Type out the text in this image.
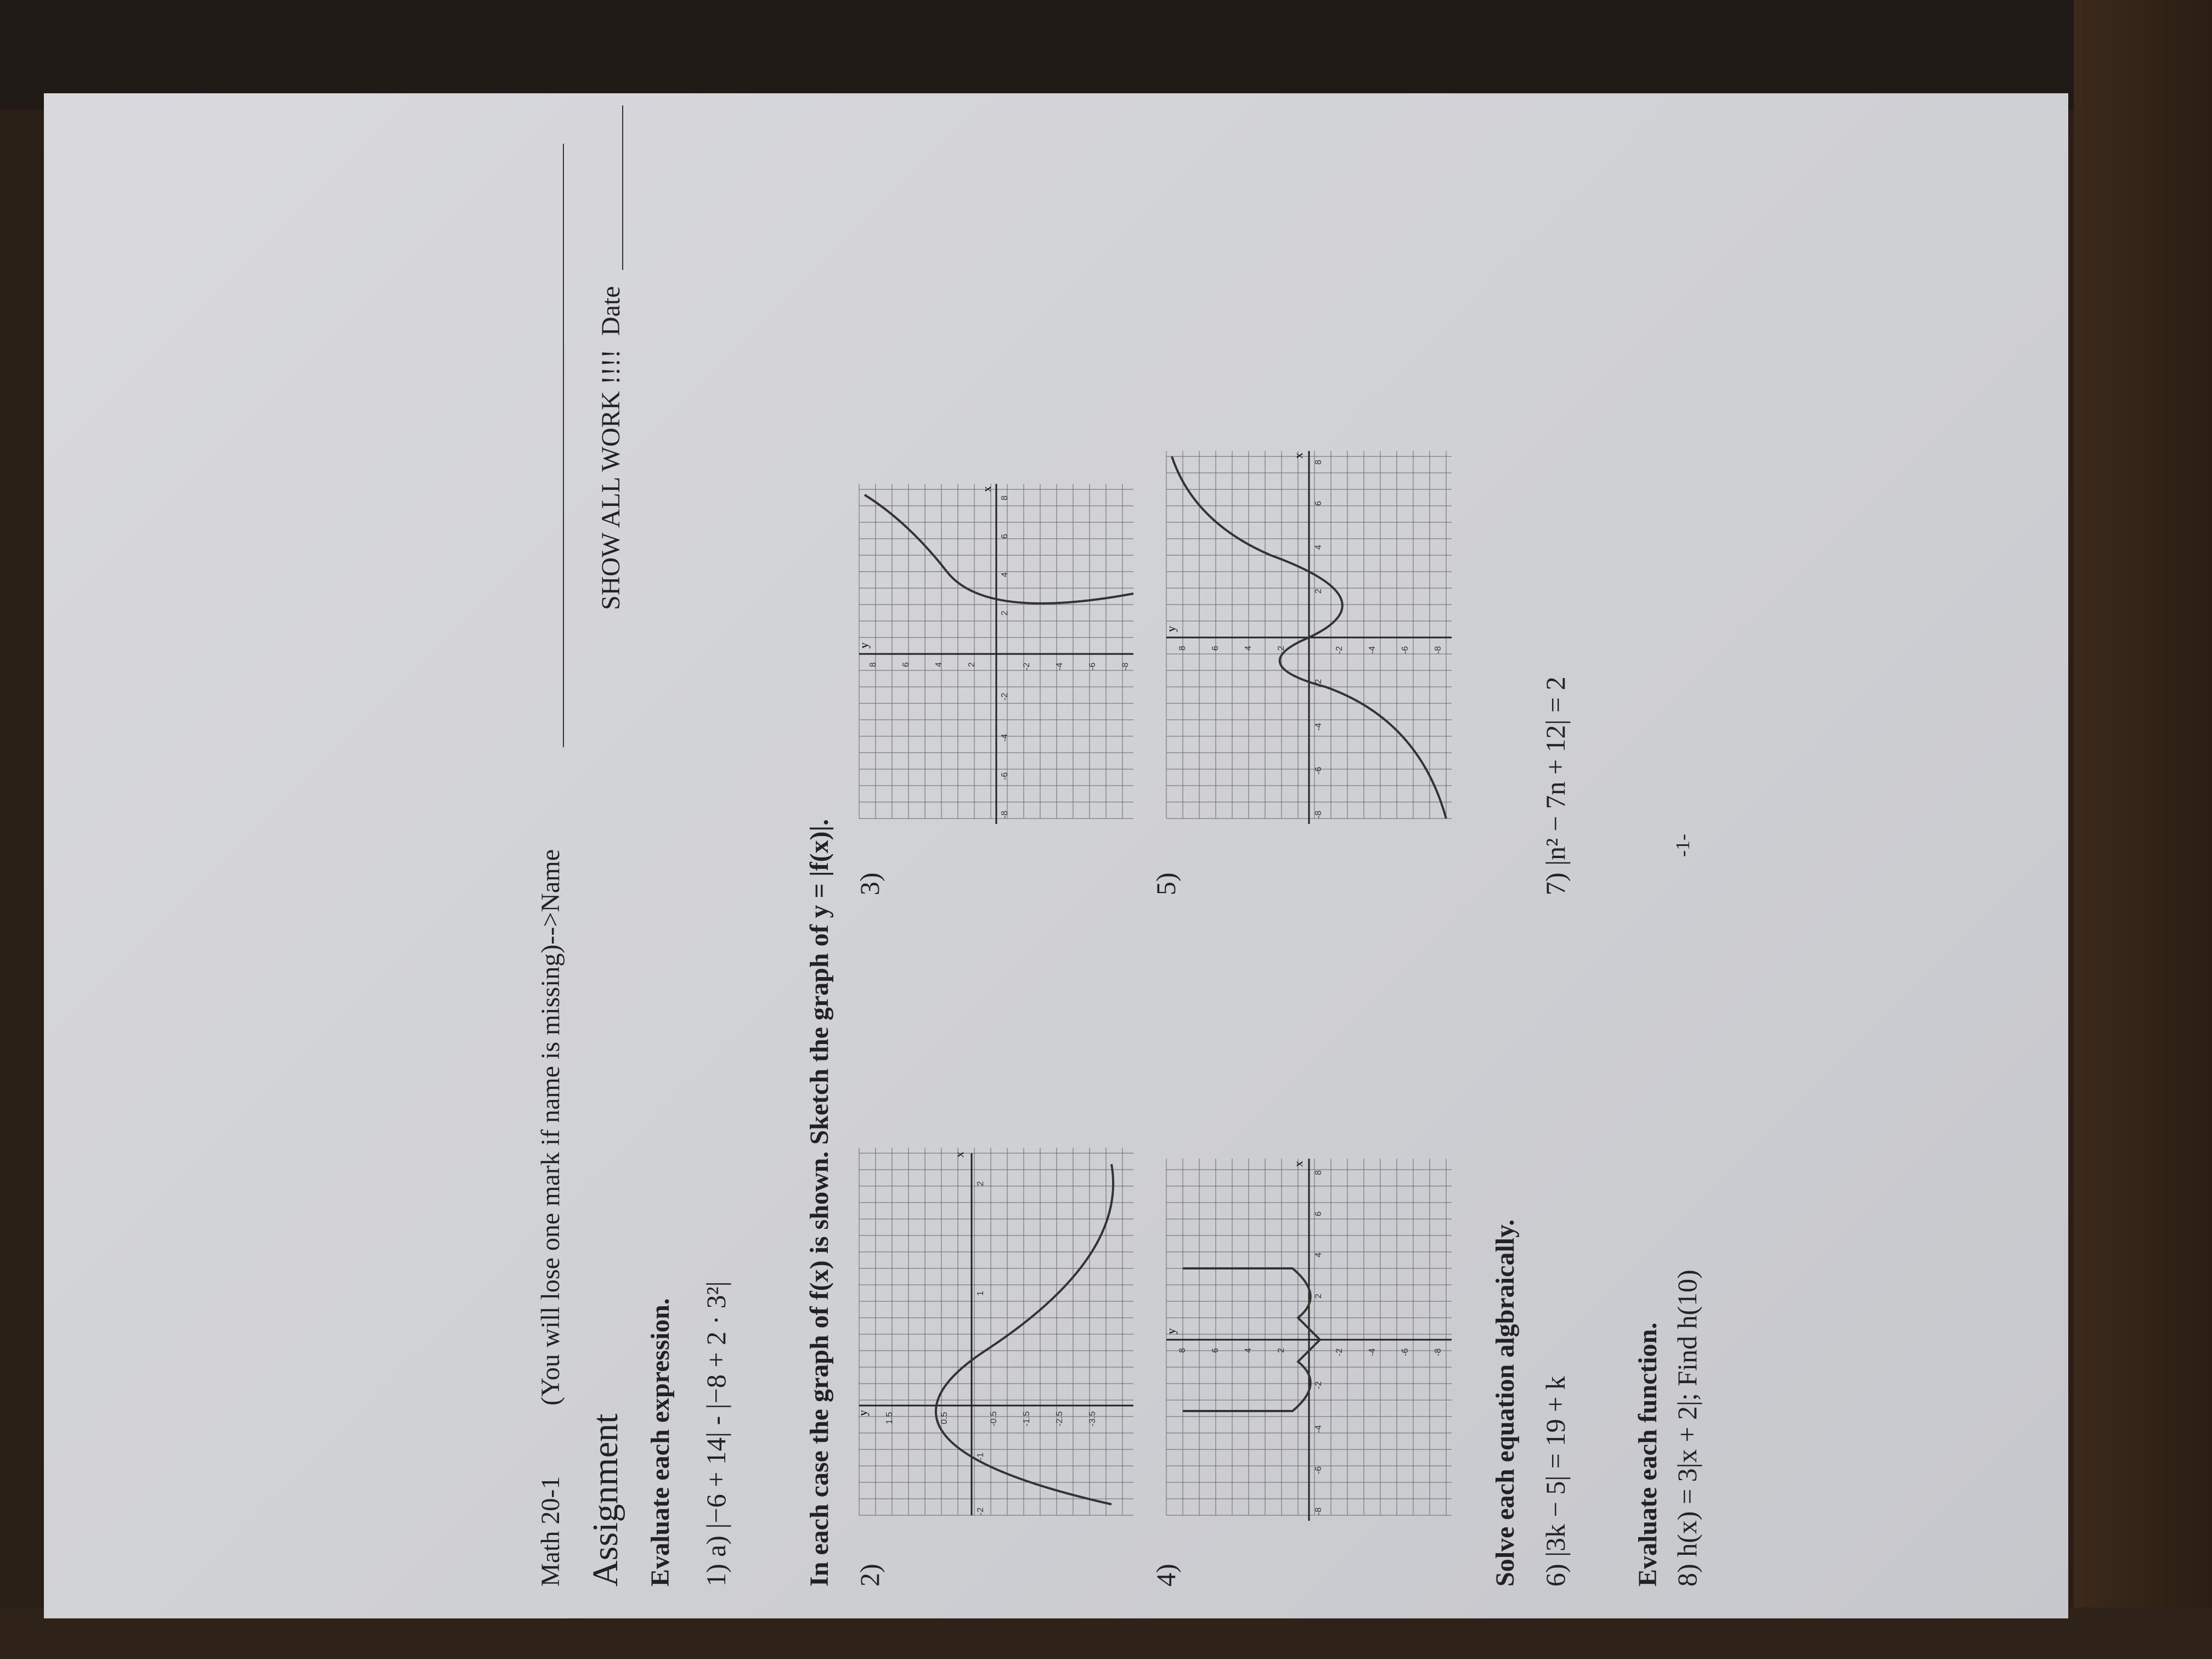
Math 20-1
(You will lose one mark if name is missing)-->Name
Assignment
SHOW ALL WORK !!!!
Date
Evaluate each expression. 1) a) |−6 + 14| - |−8 + 2 · 3²|	In each case the graph of f(x) is shown. Sketch the graph of y = |f(x)|. 2)
3)
4)
5)
y
x
-2
-1
1
2
1.5	0.5	-0.5	-1.5	-2.5	-3.5
y
x
-8
-6
-4
-2
2
4
6
8
8	6	4	2	-2	-4	-6	-8
y
x
-8
-6
-4
-2
2
4
6
8
8	6	4	2	-2	-4	-6	-8
y
x
-8
-6
-4
-2
2
4
6
8
8	6	4	2	-2	-4	-6	-8
Solve each equation algbraically. 6) |3k − 5| = 19 + k
7) |n² − 7n + 12| = 2
Evaluate each function. 8) h(x) = 3|x + 2|; Find h(10)
-1-
